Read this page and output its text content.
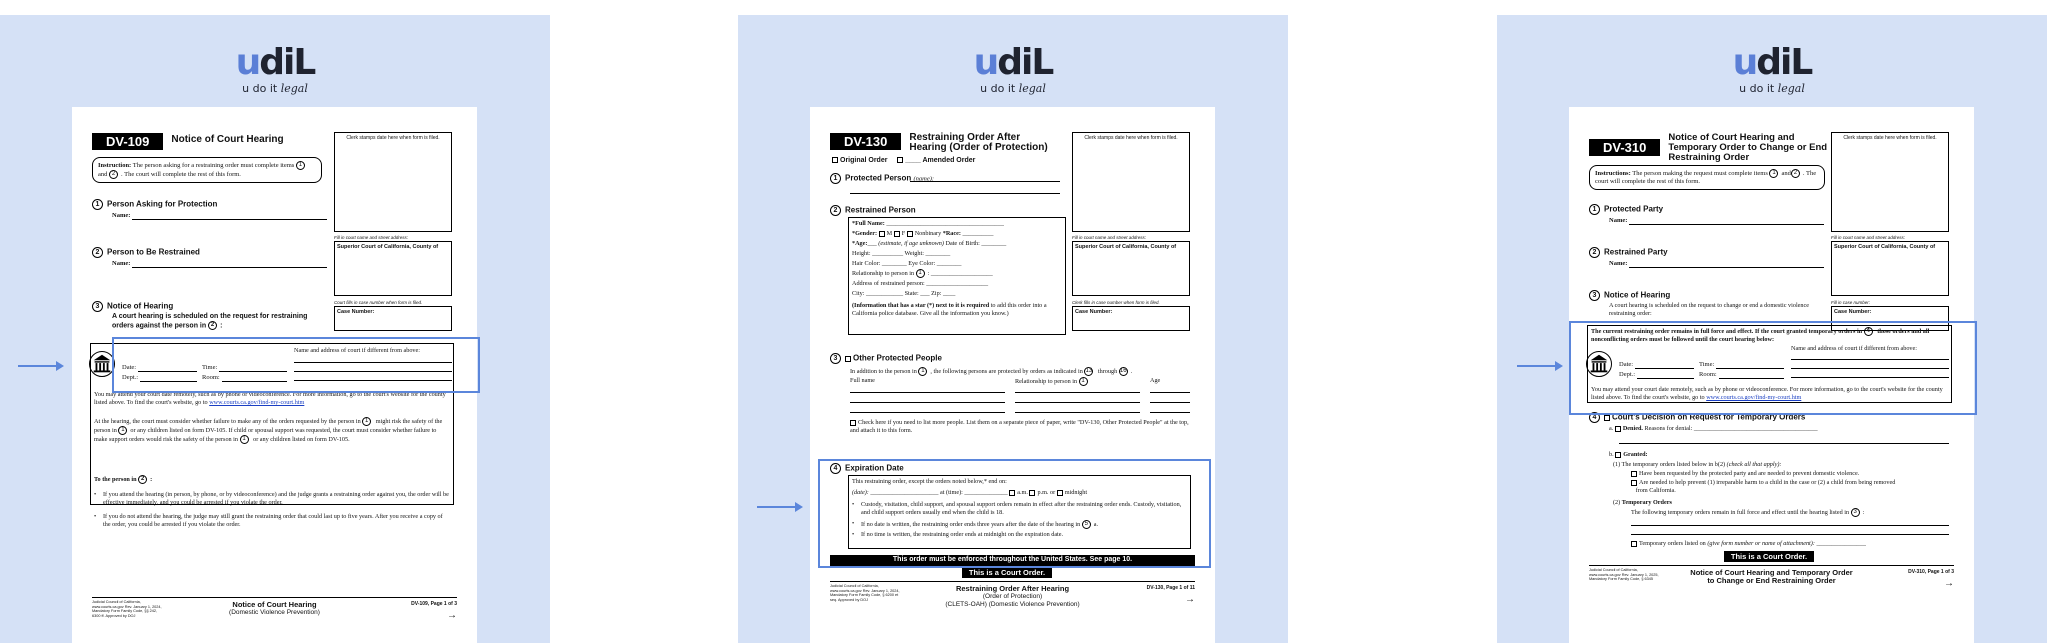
udiL
u do it legal
DV-109	Notice of Court Hearing	Clerk stamps date here when form is filed.
Fill in court name and street address:
Superior Court of California, County of
Court fills in case number when form is filed.
Case Number:
Instruction: The person asking for a restraining order must complete items 1and 2 . The court will complete the rest of this form.
1 Person Asking for Protection
Name:
2 Person to Be Restrained
Name:
3 Notice of Hearing
A court hearing is scheduled on the request for restraining
orders against the person in 2 :
Name and address of court if different from above:
Date:	Time:
Dept.:	Room:
You may attend your court date remotely, such as by phone or videoconference. For more information, go to the court's website for the county listed above. To find the court's website, go to www.courts.ca.gov/find-my-court.htm
At the hearing, the court must consider whether failure to make any of the orders requested by the person in 1 might risk the safety of the person in 1 or any children listed on form DV-105. If child or spousal support was requested, the court must consider whether failure to make support orders would risk the safety of the person in 1 or any children listed on form DV-105.
To the person in 2 :
• If you attend the hearing (in person, by phone, or by videoconference) and the judge grants a restraining order against you, the order will be effective immediately, and you could be arrested if you violate the order.
• If you do not attend the hearing, the judge may still grant the restraining order that could last up to five years. After you receive a copy of the order, you could be arrested if you violate the order.
Judicial Council of California, www.courts.ca.gov Rev. January 1, 2024, Mandatory Form Family Code, §§ 242, 6300 ff. Approved by DOJ
Notice of Court Hearing
(Domestic Violence Prevention)
DV-109, Page 1 of 3
→
udiL
u do it legal
DV-130	Restraining Order After Hearing (Order of Protection)
Clerk stamps date here when form is filed.
Original Order	____ Amended Order
Fill in court name and street address:
Superior Court of California, County of
Clerk fills in case number when form is filed.
Case Number:
1 Protected Person (name):
2 Restrained Person
*Full Name: ______________________________________
*Gender: M F Nonbinary *Race: __________
*Age:___ (estimate, if age unknown) Date of Birth: ________
Height: __________ Weight: ________
Hair Color: ________ Eye Color: ________
Relationship to person in 1 : ____________________
Address of restrained person: ____________________
City: ____________ State: ___ Zip: ____
(Information that has a star (*) next to it is required to add this order into a California police database. Give all the information you know.)
3 Other Protected People
In addition to the person in 1 , the following persons are protected by orders as indicated in 13 through 16 .
Full name	Relationship to person in 1	Age
Check here if you need to list more people. List them on a separate piece of paper, write "DV-130, Other Protected People" at the top, and attach it to this form.
4 Expiration Date
This restraining order, except the orders noted below,* end on:
(date): ______________________ at (time): ______________ a.m. p.m. or midnight
• Custody, visitation, child support, and spousal support orders remain in effect after the restraining order ends. Custody, visitation, and child support orders usually end when the child is 18.
• If no date is written, the restraining order ends three years after the date of the hearing in 5 a.
• If no time is written, the restraining order ends at midnight on the expiration date.
This order must be enforced throughout the United States. See page 10.
This is a Court Order.
Judicial Council of California, www.courts.ca.gov Rev. January 1, 2024, Mandatory Form Family Code, § 6200 et seq. Approved by DOJ
Restraining Order After Hearing
(Order of Protection)
(CLETS-OAH) (Domestic Violence Prevention)
DV-130, Page 1 of 11
→
udiL
u do it legal
DV-310
Notice of Court Hearing and Temporary Order to Change or End Restraining Order
Clerk stamps date here when form is filed.
Instructions: The person making the request must complete items 1 and 2 . The court will complete the rest of this form.
Fill in court name and street address:
Superior Court of California, County of
Fill in case number:
Case Number:
1 Protected Party
Name:
2 Restrained Party
Name:
3 Notice of Hearing
A court hearing is scheduled on the request to change or end a domestic violence restraining order:
The current restraining order remains in full force and effect. If the court granted temporary orders in 4 those orders and all nonconflicting orders must be followed until the court hearing below:
Name and address of court if different from above:
Date:	Time:
Dept.:	Room:
You may attend your court date remotely, such as by phone or videoconference. For more information, go to the court's website for the county listed above. To find the court's website, go to www.courts.ca.gov/find-my-court.htm
4 Court's Decision on Request for Temporary Orders
a. Denied. Reasons for denial: ________________________________________
b. Granted:
(1) The temporary orders listed below in b(2) (check all that apply):
Have been requested by the protected party and are needed to prevent domestic violence.
Are needed to help prevent (1) irreparable harm to a child in the case or (2) a child from being removed
from California.
(2) Temporary Orders
The following temporary orders remain in full force and effect until the hearing listed in 3 :
Temporary orders listed on (give form number or name of attachment): ________________
This is a Court Order.
Judicial Council of California, www.courts.ca.gov Rev. January 1, 2025, Mandatory Form Family Code, § 6345
Notice of Court Hearing and Temporary Order
to Change or End Restraining Order
DV-310, Page 1 of 3
→
